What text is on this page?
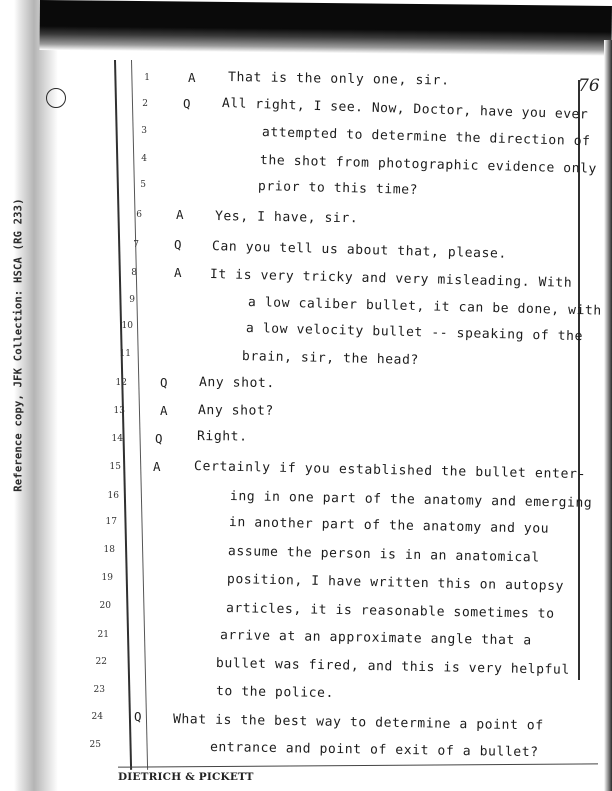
Reference copy, JFK Collection: HSCA (RG 233)
76
1	A That is the only one, sir.
2	Q All right, I see. Now, Doctor, have you ever
3	attempted to determine the direction of
4	the shot from photographic evidence only
5	prior to this time?
6	A Yes, I have, sir.
7	Q Can you tell us about that, please.
8	A It is very tricky and very misleading. With
9	a low caliber bullet, it can be done, with
10	a low velocity bullet -- speaking of the
11	brain, sir, the head?
12	Q Any shot.
13	A Any shot?
14	Q	Right.
15	A	Certainly if you established the bullet enter-
16	ing in one part of the anatomy and emerging
17	in another part of the anatomy and you
18	assume the person is in an anatomical
19	position, I have written this on autopsy
20	articles, it is reasonable sometimes to
21	arrive at an approximate angle that a
22	bullet was fired, and this is very helpful
23	to the police.
24 Q What is the best way to determine a point of
25	entrance and point of exit of a bullet?
DIETRICH & PICKETT
